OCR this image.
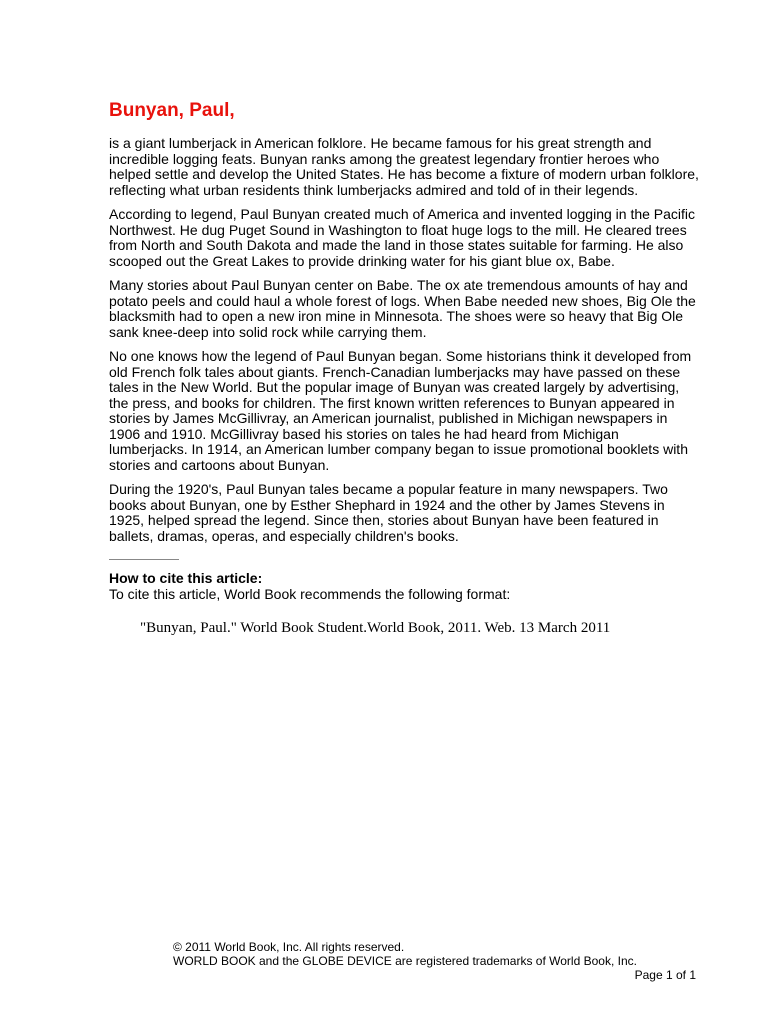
Bunyan, Paul,

is a giant lumberjack in American folklore. He became famous for his great strength and incredible logging feats. Bunyan ranks among the greatest legendary frontier heroes who helped settle and develop the United States. He has become a fixture of modern urban folklore, reflecting what urban residents think lumberjacks admired and told of in their legends.

According to legend, Paul Bunyan created much of America and invented logging in the Pacific Northwest. He dug Puget Sound in Washington to float huge logs to the mill. He cleared trees from North and South Dakota and made the land in those states suitable for farming. He also scooped out the Great Lakes to provide drinking water for his giant blue ox, Babe.

Many stories about Paul Bunyan center on Babe. The ox ate tremendous amounts of hay and potato peels and could haul a whole forest of logs. When Babe needed new shoes, Big Ole the blacksmith had to open a new iron mine in Minnesota. The shoes were so heavy that Big Ole sank knee-deep into solid rock while carrying them.

No one knows how the legend of Paul Bunyan began. Some historians think it developed from old French folk tales about giants. French-Canadian lumberjacks may have passed on these tales in the New World. But the popular image of Bunyan was created largely by advertising, the press, and books for children. The first known written references to Bunyan appeared in stories by James McGillivray, an American journalist, published in Michigan newspapers in 1906 and 1910. McGillivray based his stories on tales he had heard from Michigan lumberjacks. In 1914, an American lumber company began to issue promotional booklets with stories and cartoons about Bunyan.

During the 1920's, Paul Bunyan tales became a popular feature in many newspapers. Two books about Bunyan, one by Esther Shephard in 1924 and the other by James Stevens in 1925, helped spread the legend. Since then, stories about Bunyan have been featured in ballets, dramas, operas, and especially children's books.

How to cite this article:

To cite this article, World Book recommends the following format:

"Bunyan, Paul." World Book Student.World Book, 2011. Web. 13 March 2011

© 2011 World Book, Inc. All rights reserved.

WORLD BOOK and the GLOBE DEVICE are registered trademarks of World Book, Inc.

Page 1 of 1
